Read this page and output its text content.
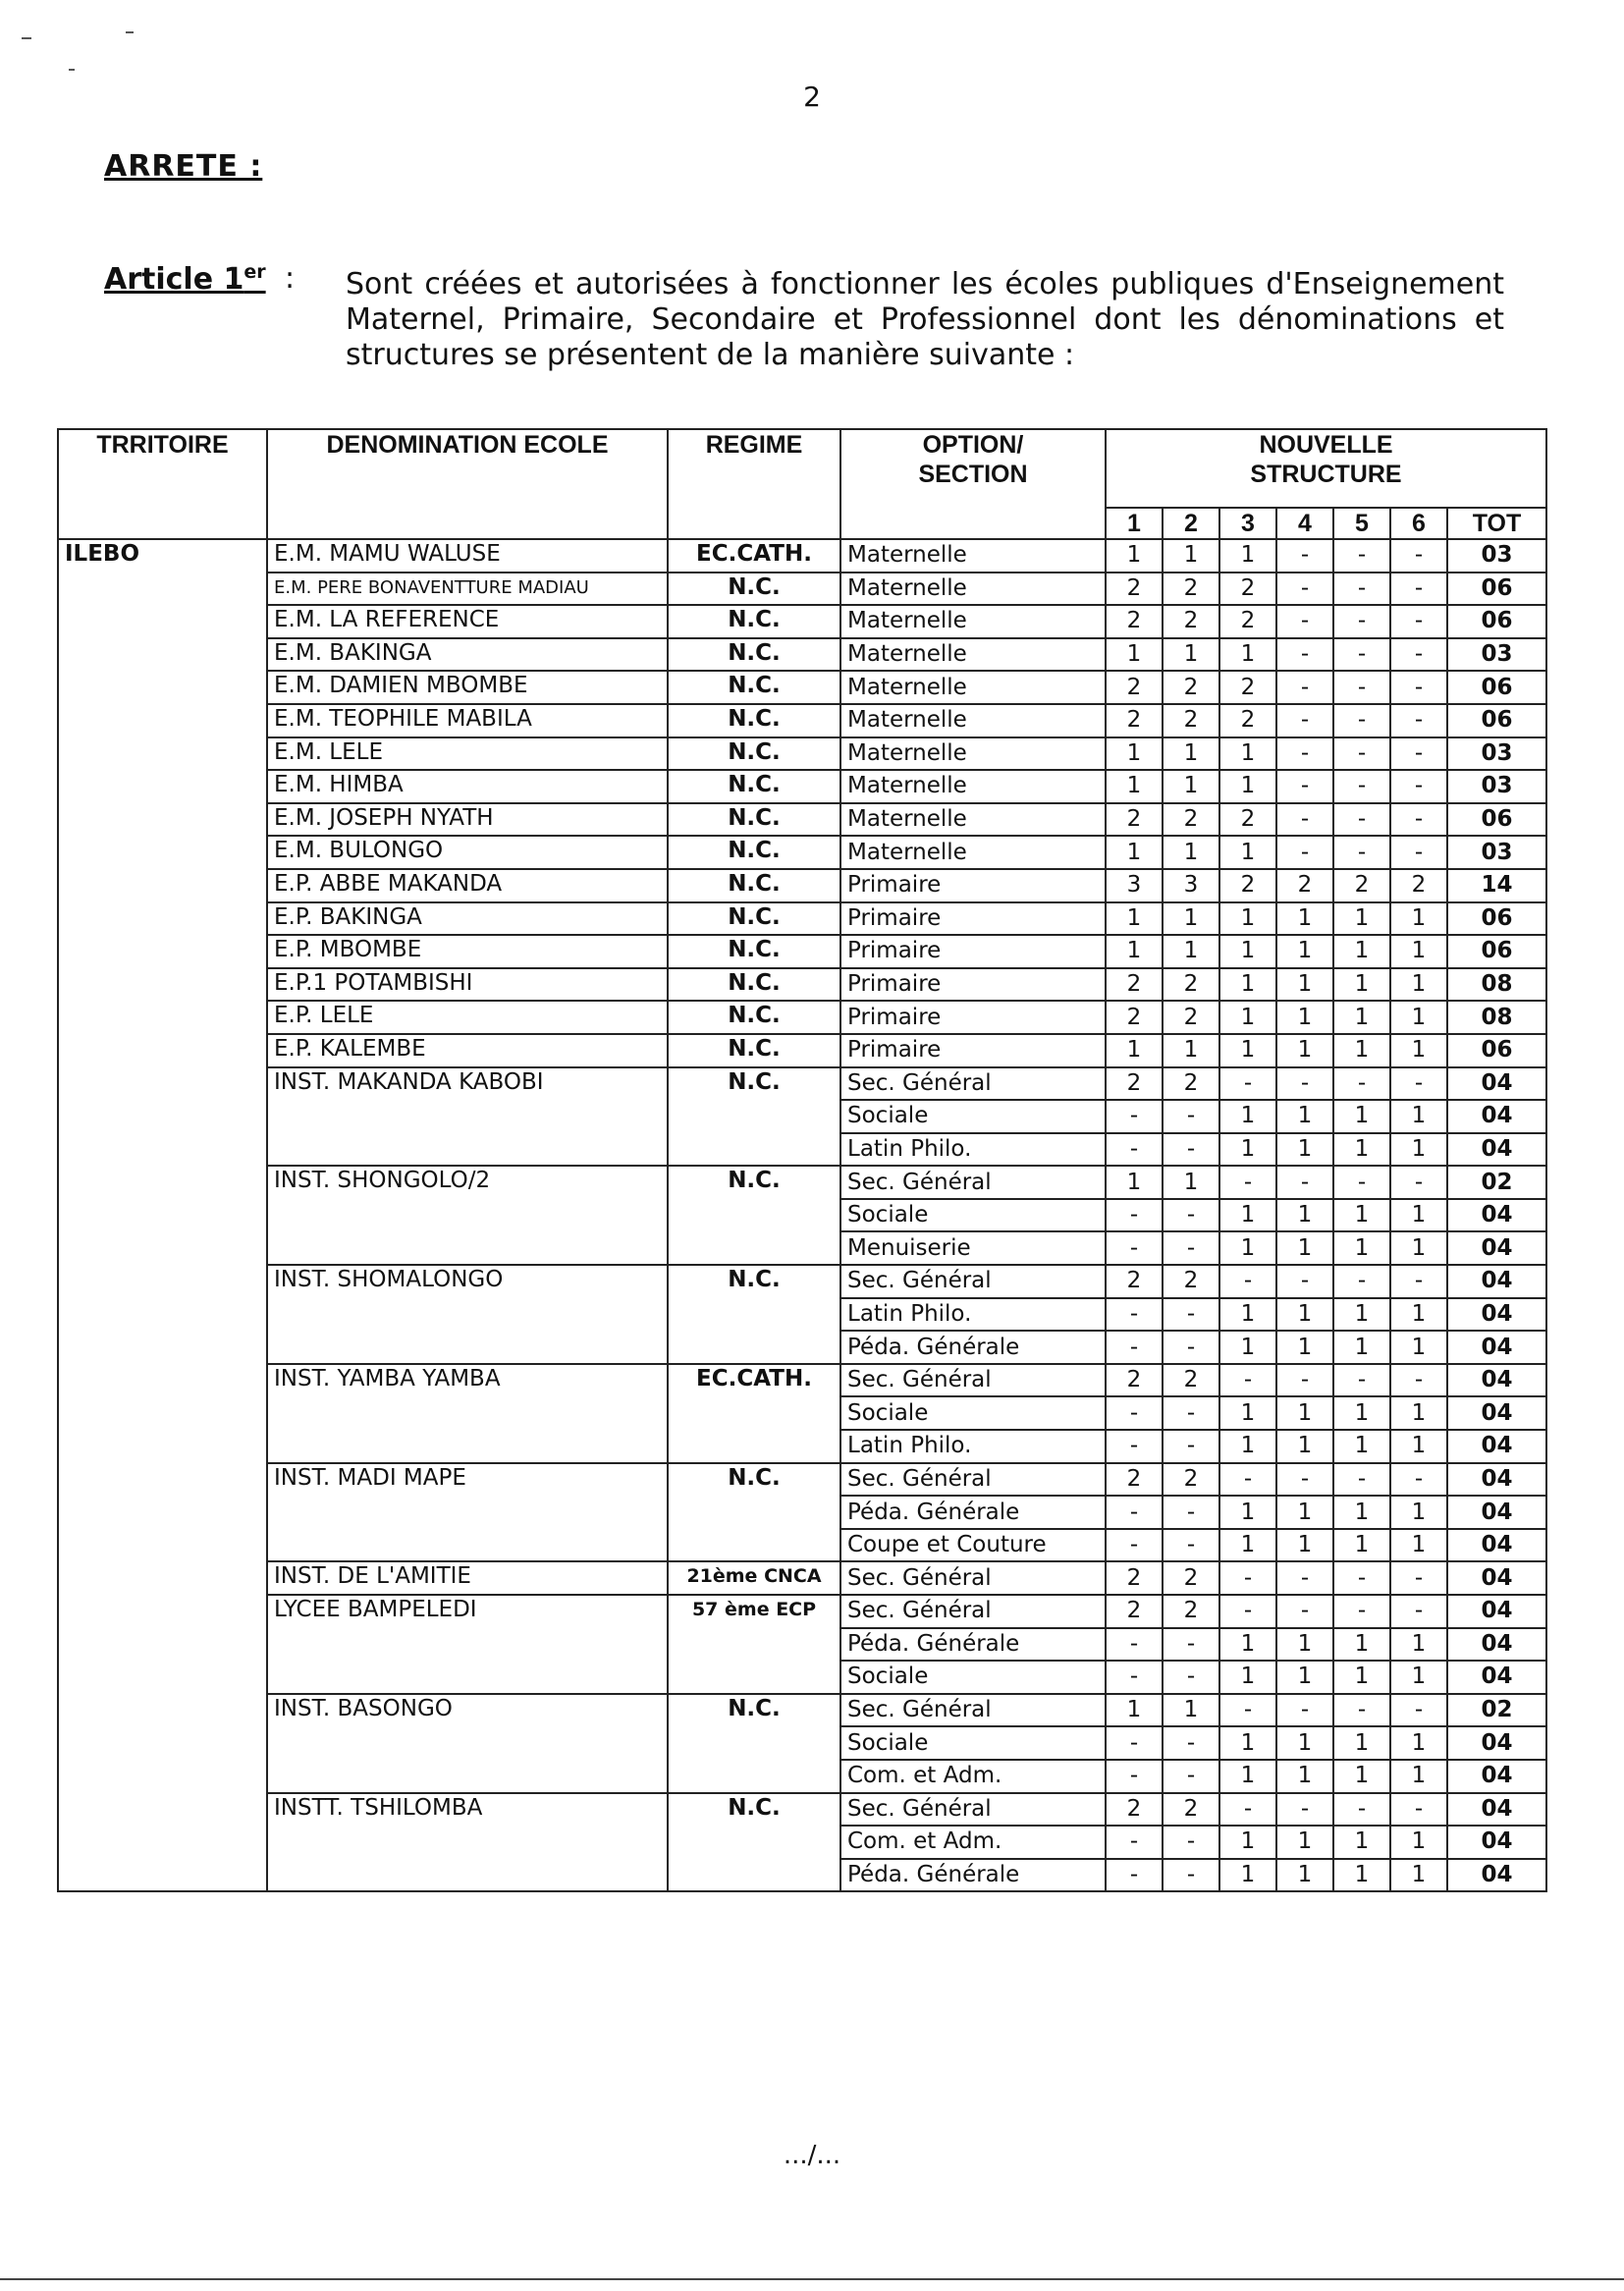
2
ARRETE :
Article 1er : Sont créées et autorisées à fonctionner les écoles publiques d'Enseignement Maternel, Primaire, Secondaire et Professionnel dont les dénominations et structures se présentent de la manière suivante :
TRRITOIRE	DENOMINATION ECOLE	REGIME	OPTION/ SECTION	NOUVELLE STRUCTURE						
				1	2	3	4	5	6	TOT
ILEBO	E.M. MAMU WALUSE	EC.CATH.	Maternelle	1	1	1	-	-	-	03
	E.M. PERE BONAVENTTURE MADIAU	N.C.	Maternelle	2	2	2	-	-	-	06
	E.M. LA REFERENCE	N.C.	Maternelle	2	2	2	-	-	-	06
	E.M. BAKINGA	N.C.	Maternelle	1	1	1	-	-	-	03
	E.M. DAMIEN MBOMBE	N.C.	Maternelle	2	2	2	-	-	-	06
	E.M. TEOPHILE MABILA	N.C.	Maternelle	2	2	2	-	-	-	06
	E.M. LELE	N.C.	Maternelle	1	1	1	-	-	-	03
	E.M. HIMBA	N.C.	Maternelle	1	1	1	-	-	-	03
	E.M. JOSEPH NYATH	N.C.	Maternelle	2	2	2	-	-	-	06
	E.M. BULONGO	N.C.	Maternelle	1	1	1	-	-	-	03
	E.P. ABBE MAKANDA	N.C.	Primaire	3	3	2	2	2	2	14
	E.P. BAKINGA	N.C.	Primaire	1	1	1	1	1	1	06
	E.P. MBOMBE	N.C.	Primaire	1	1	1	1	1	1	06
	E.P.1 POTAMBISHI	N.C.	Primaire	2	2	1	1	1	1	08
	E.P. LELE	N.C.	Primaire	2	2	1	1	1	1	08
	E.P. KALEMBE	N.C.	Primaire	1	1	1	1	1	1	06
	INST. MAKANDA KABOBI	N.C.	Sec. Général	2	2	-	-	-	-	04
			Sociale	-	-	1	1	1	1	04
			Latin Philo.	-	-	1	1	1	1	04
	INST. SHONGOLO/2	N.C.	Sec. Général	1	1	-	-	-	-	02
			Sociale	-	-	1	1	1	1	04
			Menuiserie	-	-	1	1	1	1	04
	INST. SHOMALONGO	N.C.	Sec. Général	2	2	-	-	-	-	04
			Latin Philo.	-	-	1	1	1	1	04
			Péda. Générale	-	-	1	1	1	1	04
	INST. YAMBA YAMBA	EC.CATH.	Sec. Général	2	2	-	-	-	-	04
			Sociale	-	-	1	1	1	1	04
			Latin Philo.	-	-	1	1	1	1	04
	INST. MADI MAPE	N.C.	Sec. Général	2	2	-	-	-	-	04
			Péda. Générale	-	-	1	1	1	1	04
			Coupe et Couture	-	-	1	1	1	1	04
	INST. DE L'AMITIE	21ème CNCA	Sec. Général	2	2	-	-	-	-	04
	LYCEE BAMPELEDI	57 ème ECP	Sec. Général	2	2	-	-	-	-	04
			Péda. Générale	-	-	1	1	1	1	04
			Sociale	-	-	1	1	1	1	04
	INST. BASONGO	N.C.	Sec. Général	1	1	-	-	-	-	02
			Sociale	-	-	1	1	1	1	04
			Com. et Adm.	-	-	1	1	1	1	04
	INSTT. TSHILOMBA	N.C.	Sec. Général	2	2	-	-	-	-	04
			Com. et Adm.	-	-	1	1	1	1	04
			Péda. Générale	-	-	1	1	1	1	04
.../...
